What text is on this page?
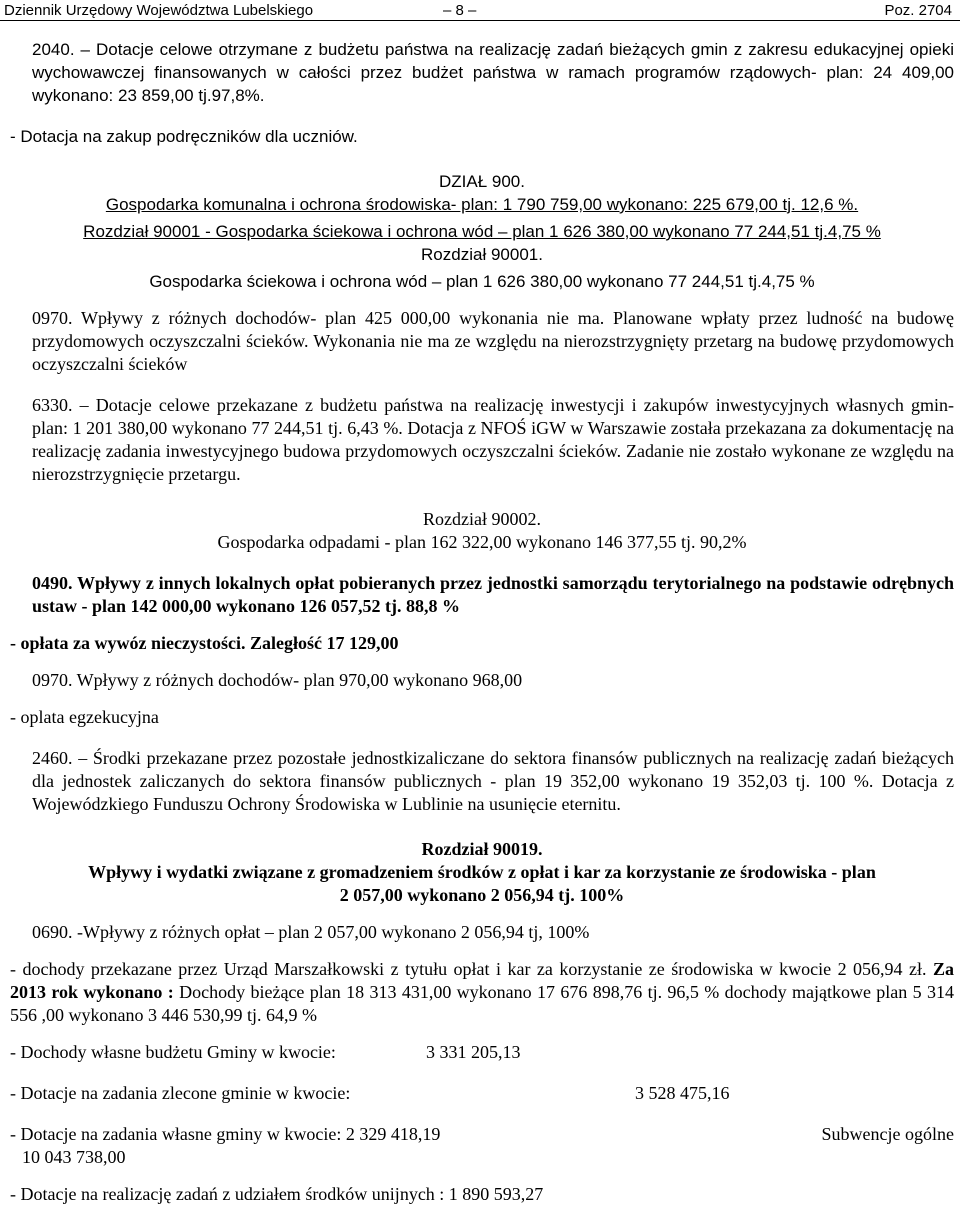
Dziennik Urzędowy Województwa Lubelskiego	– 8 –	Poz. 2704

2040. – Dotacje celowe otrzymane z budżetu państwa na realizację zadań bieżących gmin z zakresu edukacyjnej opieki wychowawczej finansowanych w całości przez budżet państwa w ramach programów rządowych- plan: 24 409,00 wykonano: 23 859,00 tj.97,8%.

- Dotacja na zakup podręczników dla uczniów.

DZIAŁ 900.

Gospodarka komunalna i ochrona środowiska- plan: 1 790 759,00 wykonano: 225 679,00 tj. 12,6 %.

Rozdział 90001 - Gospodarka ściekowa i ochrona wód – plan 1 626 380,00 wykonano 77 244,51 tj.4,75 %

Rozdział 90001.

Gospodarka ściekowa i ochrona wód – plan 1 626 380,00 wykonano 77 244,51 tj.4,75 %

0970. Wpływy z różnych dochodów- plan 425 000,00 wykonania nie ma. Planowane wpłaty przez ludność na budowę przydomowych oczyszczalni ścieków. Wykonania nie ma ze względu na nierozstrzygnięty przetarg na budowę przydomowych oczyszczalni ścieków

6330. – Dotacje celowe przekazane z budżetu państwa na realizację inwestycji i zakupów inwestycyjnych własnych gmin- plan: 1 201 380,00 wykonano 77 244,51 tj. 6,43 %. Dotacja z NFOŚ iGW w Warszawie została przekazana za dokumentację na realizację zadania inwestycyjnego budowa przydomowych oczyszczalni ścieków. Zadanie nie zostało wykonane ze względu na nierozstrzygnięcie przetargu.

Rozdział 90002.

Gospodarka odpadami - plan 162 322,00 wykonano 146 377,55 tj. 90,2%

0490. Wpływy z innych lokalnych opłat pobieranych przez jednostki samorządu terytorialnego na podstawie odrębnych ustaw - plan 142 000,00 wykonano 126 057,52 tj. 88,8 %

- opłata za wywóz nieczystości. Zaległość 17 129,00

0970. Wpływy z różnych dochodów- plan 970,00 wykonano 968,00

- oplata egzekucyjna

2460. – Środki przekazane przez pozostałe jednostkizaliczane do sektora finansów publicznych na realizację zadań bieżących dla jednostek zaliczanych do sektora finansów publicznych - plan 19 352,00 wykonano 19 352,03 tj. 100 %. Dotacja z Wojewódzkiego Funduszu Ochrony Środowiska w Lublinie na usunięcie eternitu.

Rozdział 90019.

Wpływy i wydatki związane z gromadzeniem środków z opłat i kar za korzystanie ze środowiska - plan

2 057,00 wykonano 2 056,94 tj. 100%

0690. -Wpływy z różnych opłat – plan 2 057,00 wykonano 2 056,94 tj, 100%

- dochody przekazane przez Urząd Marszałkowski z tytułu opłat i kar za korzystanie ze środowiska w kwocie 2 056,94 zł. Za 2013 rok wykonano : Dochody bieżące plan 18 313 431,00 wykonano 17 676 898,76 tj. 96,5 % dochody majątkowe plan 5 314 556 ,00 wykonano 3 446 530,99 tj. 64,9 %

- Dochody własne budżetu Gminy w kwocie:	3 331 205,13
- Dotacje na zadania zlecone gminie w kwocie:	3 528 475,16
- Dotacje na zadania własne gminy w kwocie: 2 329 418,19	Subwencje ogólne

10 043 738,00

- Dotacje na realizację zadań z udziałem środków unijnych : 1 890 593,27
